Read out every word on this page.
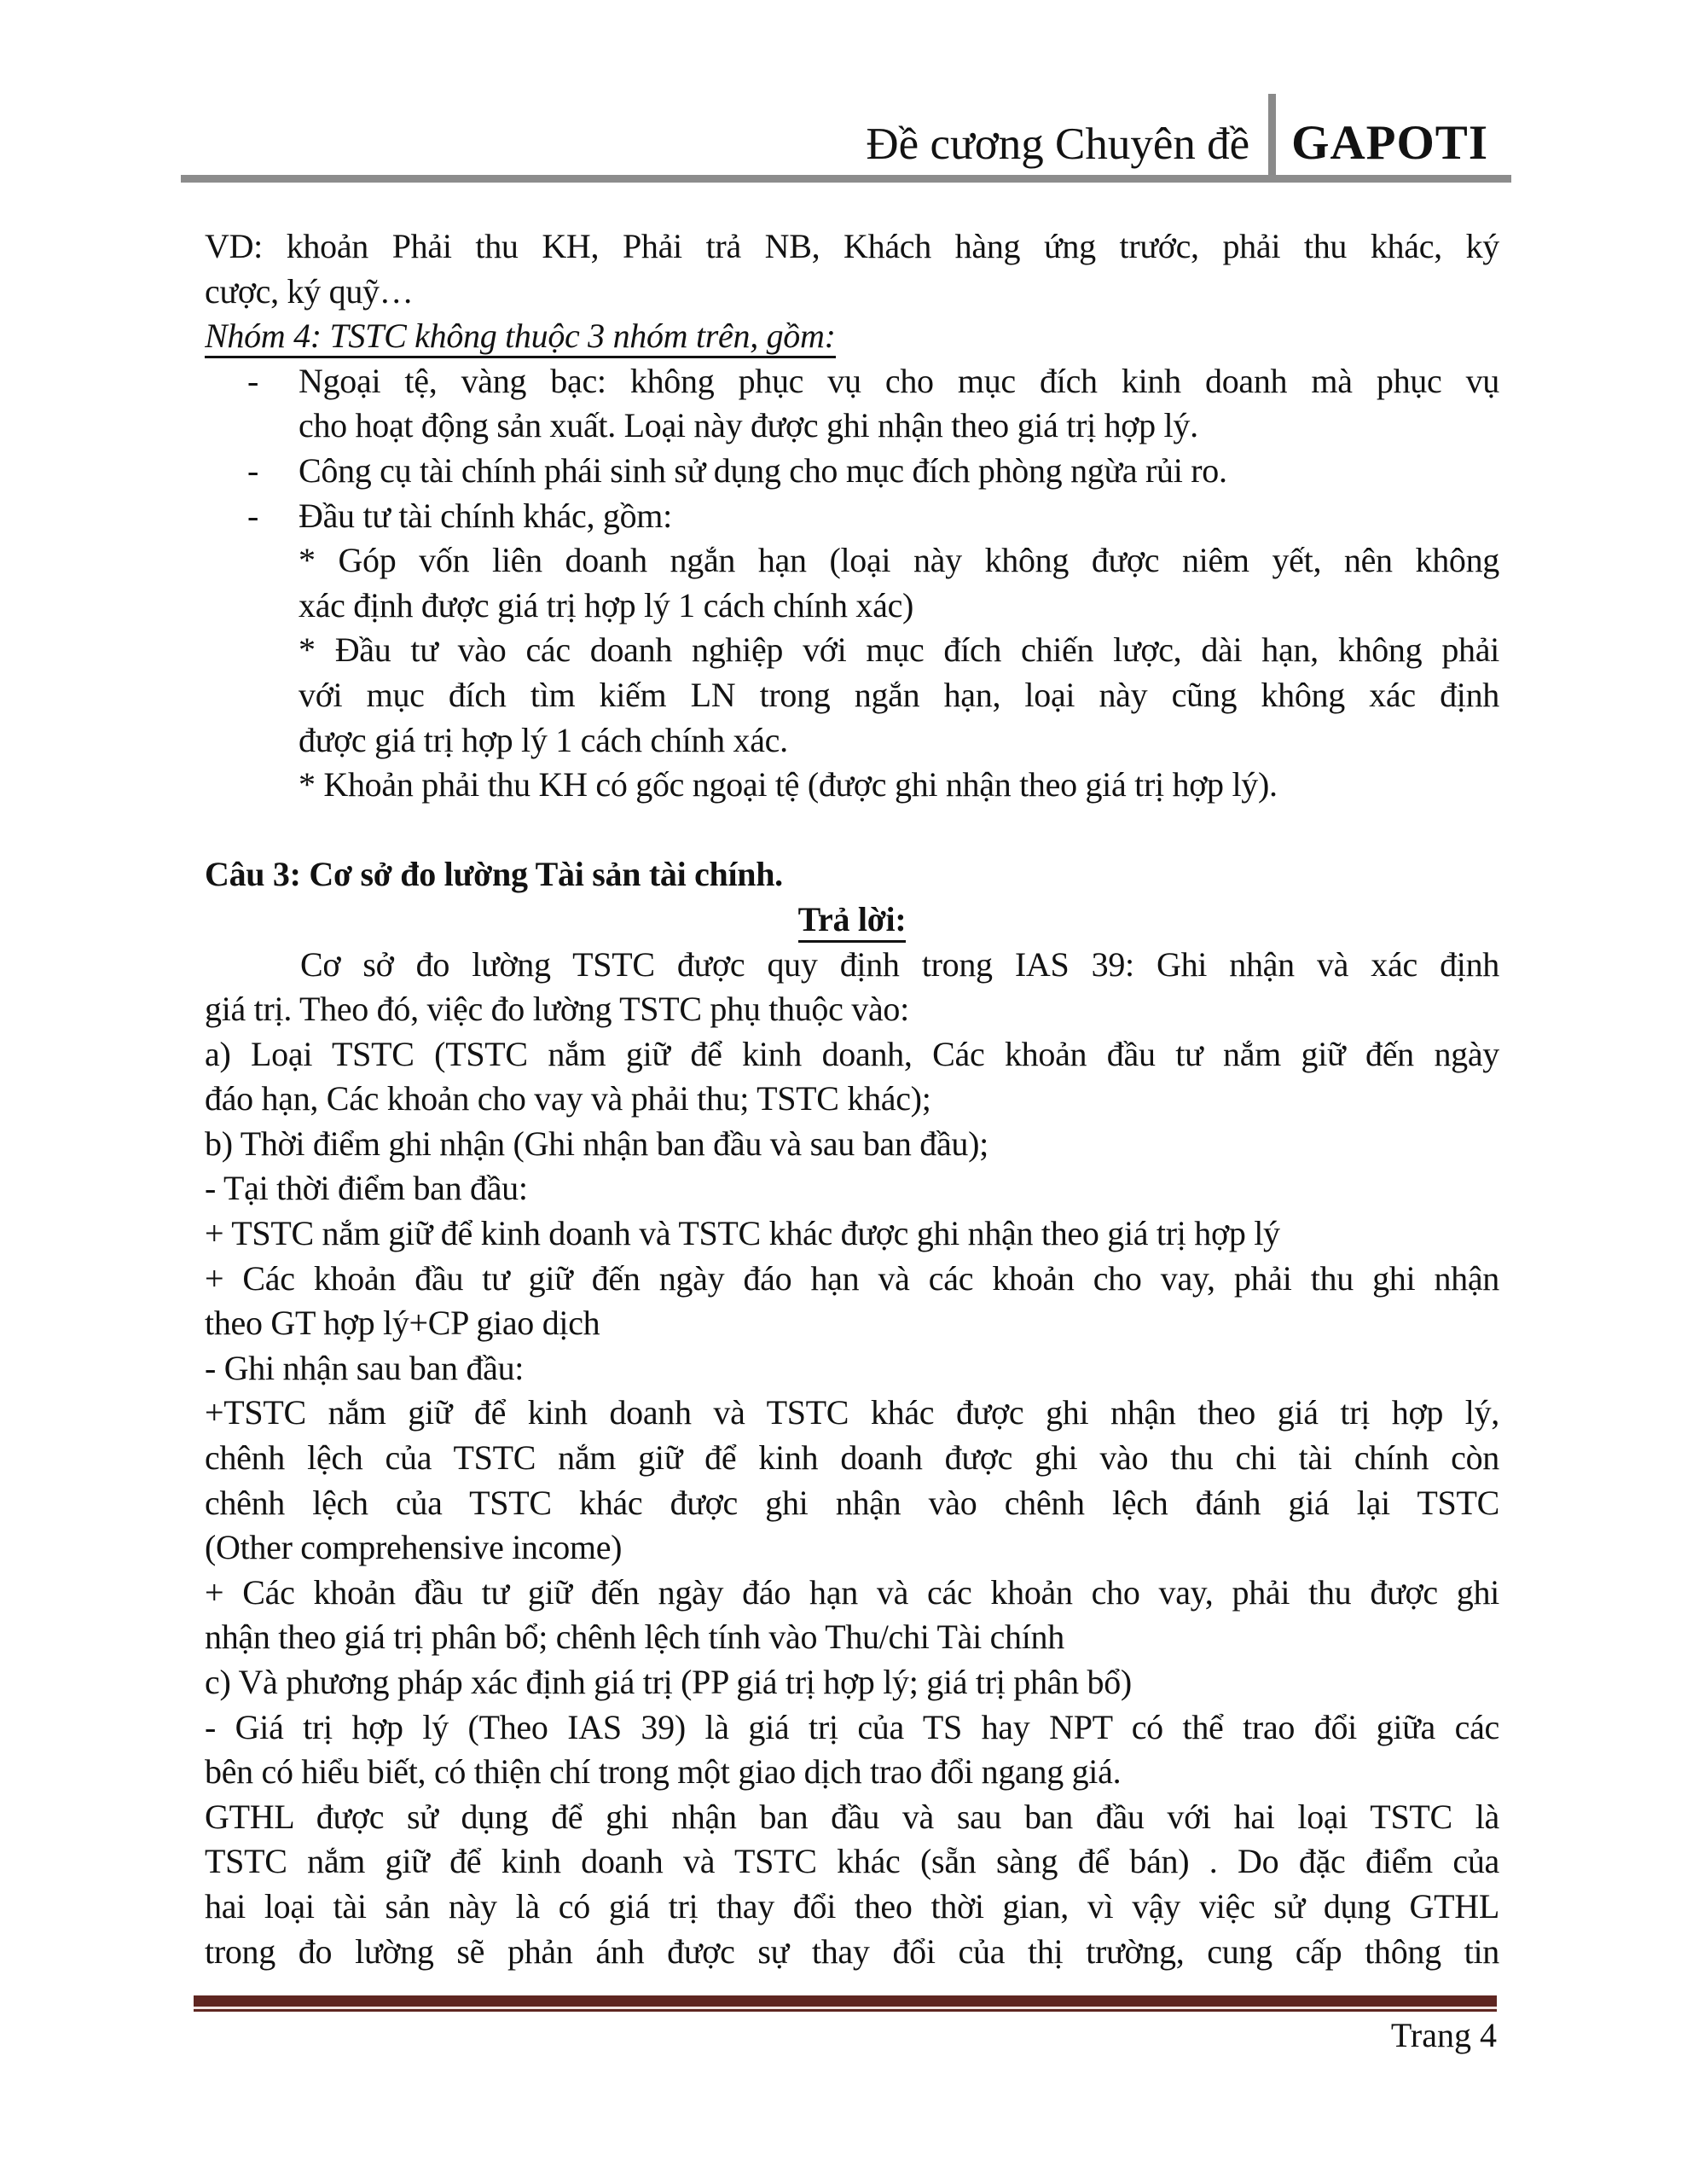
Đề cương Chuyên đề GAPOTI
VD: khoản Phải thu KH, Phải trả NB, Khách hàng ứng trước, phải thu khác, ký
cược, ký quỹ…
Nhóm 4: TSTC không thuộc 3 nhóm trên, gồm:
- Ngoại tệ, vàng bạc: không phục vụ cho mục đích kinh doanh mà phục vụ
cho hoạt động sản xuất. Loại này được ghi nhận theo giá trị hợp lý.
- Công cụ tài chính phái sinh sử dụng cho mục đích phòng ngừa rủi ro.
- Đầu tư tài chính khác, gồm:
* Góp vốn liên doanh ngắn hạn (loại này không được niêm yết, nên không
xác định được giá trị hợp lý 1 cách chính xác)
* Đầu tư vào các doanh nghiệp với mục đích chiến lược, dài hạn, không phải
với mục đích tìm kiếm LN trong ngắn hạn, loại này cũng không xác định
được giá trị hợp lý 1 cách chính xác.
* Khoản phải thu KH có gốc ngoại tệ (được ghi nhận theo giá trị hợp lý).
Câu 3: Cơ sở đo lường Tài sản tài chính.
Trả lời:
Cơ sở đo lường TSTC được quy định trong IAS 39: Ghi nhận và xác định
giá trị. Theo đó, việc đo lường TSTC phụ thuộc vào:
a) Loại TSTC (TSTC nắm giữ để kinh doanh, Các khoản đầu tư nắm giữ đến ngày
đáo hạn, Các khoản cho vay và phải thu; TSTC khác);
b) Thời điểm ghi nhận (Ghi nhận ban đầu và sau ban đầu);
- Tại thời điểm ban đầu:
+ TSTC nắm giữ để kinh doanh và TSTC khác được ghi nhận theo giá trị hợp lý
+ Các khoản đầu tư giữ đến ngày đáo hạn và các khoản cho vay, phải thu ghi nhận
theo GT hợp lý+CP giao dịch
- Ghi nhận sau ban đầu:
+TSTC nắm giữ để kinh doanh và TSTC khác được ghi nhận theo giá trị hợp lý,
chênh lệch của TSTC nắm giữ để kinh doanh được ghi vào thu chi tài chính còn
chênh lệch của TSTC khác được ghi nhận vào chênh lệch đánh giá lại TSTC
(Other comprehensive income)
+ Các khoản đầu tư giữ đến ngày đáo hạn và các khoản cho vay, phải thu được ghi
nhận theo giá trị phân bổ; chênh lệch tính vào Thu/chi Tài chính
c) Và phương pháp xác định giá trị (PP giá trị hợp lý; giá trị phân bổ)
- Giá trị hợp lý (Theo IAS 39) là giá trị của TS hay NPT có thể trao đổi giữa các
bên có hiểu biết, có thiện chí trong một giao dịch trao đổi ngang giá.
GTHL được sử dụng để ghi nhận ban đầu và sau ban đầu với hai loại TSTC là
TSTC nắm giữ để kinh doanh và TSTC khác (sẵn sàng để bán) . Do đặc điểm của
hai loại tài sản này là có giá trị thay đổi theo thời gian, vì vậy việc sử dụng GTHL
trong đo lường sẽ phản ánh được sự thay đổi của thị trường, cung cấp thông tin
Trang 4
